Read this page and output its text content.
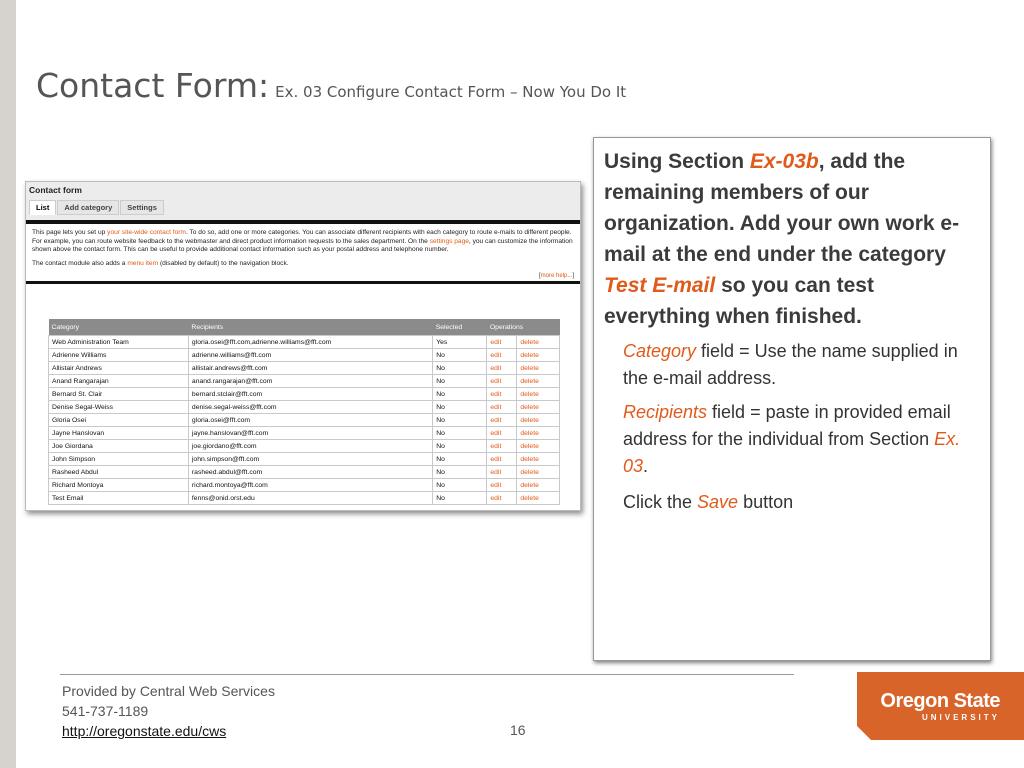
Contact Form: Ex. 03 Configure Contact Form – Now You Do It
Contact form
List	Add category	Settings

This page lets you set up your site-wide contact form. To do so, add one or more categories. You can associate different recipients with each category to route e-mails to different people. For example, you can route website feedback to the webmaster and direct product information requests to the sales department. On the settings page, you can customize the information shown above the contact form. This can be useful to provide additional contact information such as your postal address and telephone number.

The contact module also adds a menu item (disabled by default) to the navigation block.

[more help...]
Category	Recipients	Selected	Operations	
Web Administration Team	gloria.osei@fft.com,adrienne.williams@fft.com	Yes	edit	delete
Adrienne Williams	adrienne.williams@fft.com	No	edit	delete
Allistair Andrews	allistair.andrews@fft.com	No	edit	delete
Anand Rangarajan	anand.rangarajan@fft.com	No	edit	delete
Bernard St. Clair	bernard.stclair@fft.com	No	edit	delete
Denise Segal-Weiss	denise.segal-weiss@fft.com	No	edit	delete
Gloria Osei	gloria.osei@fft.com	No	edit	delete
Jayne Hanslovan	jayne.hanslovan@fft.com	No	edit	delete
Joe Giordana	joe.giordano@fft.com	No	edit	delete
John Simpson	john.simpson@fft.com	No	edit	delete
Rasheed Abdul	rasheed.abdul@fft.com	No	edit	delete
Richard Montoya	richard.montoya@fft.com	No	edit	delete
Test Email	fenns@onid.orst.edu	No	edit	delete
Using Section Ex-03b, add the remaining members of our organization. Add your own work e-mail at the end under the category Test E-mail so you can test everything when finished.
Category field = Use the name supplied in the e-mail address.
Recipients field = paste in provided email address for the individual from Section Ex. 03.
Click the Save button
Provided by Central Web Services
541-737-1189
http://oregonstate.edu/cws	16
Oregon State
UNIVERSITY
